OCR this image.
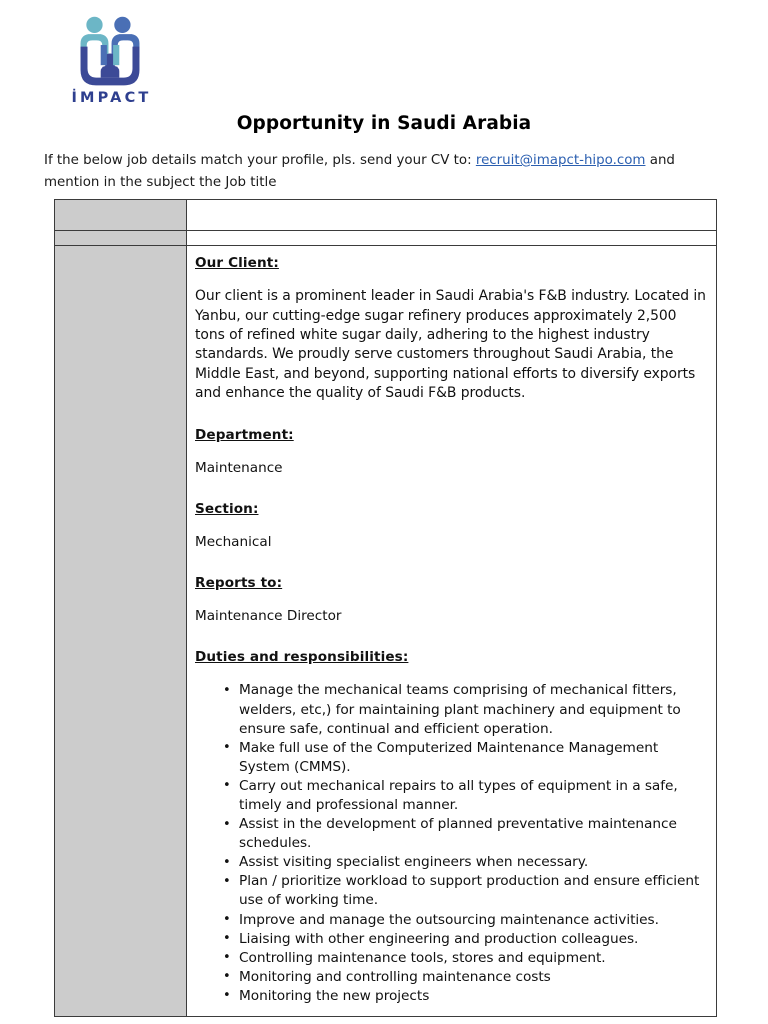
İMPACT
Opportunity in Saudi Arabia
If the below job details match your profile, pls. send your CV to: recruit@imapct-hipo.com and mention in the subject the Job title

Our Client:

Our client is a prominent leader in Saudi Arabia's F&B industry. Located in Yanbu, our cutting-edge sugar refinery produces approximately 2,500 tons of refined white sugar daily, adhering to the highest industry standards. We proudly serve customers throughout Saudi Arabia, the Middle East, and beyond, supporting national efforts to diversify exports and enhance the quality of Saudi F&B products.

Department:

Maintenance

Section:

Mechanical

Reports to:

Maintenance Director

Duties and responsibilities:
• Manage the mechanical teams comprising of mechanical fitters, welders, etc,) for maintaining plant machinery and equipment to ensure safe, continual and efficient operation.
• Make full use of the Computerized Maintenance Management System (CMMS).
• Carry out mechanical repairs to all types of equipment in a safe, timely and professional manner.
• Assist in the development of planned preventative maintenance schedules.
• Assist visiting specialist engineers when necessary.
• Plan / prioritize workload to support production and ensure efficient use of working time.
• Improve and manage the outsourcing maintenance activities.
• Liaising with other engineering and production colleagues.
• Controlling maintenance tools, stores and equipment.
• Monitoring and controlling maintenance costs
• Monitoring the new projects
